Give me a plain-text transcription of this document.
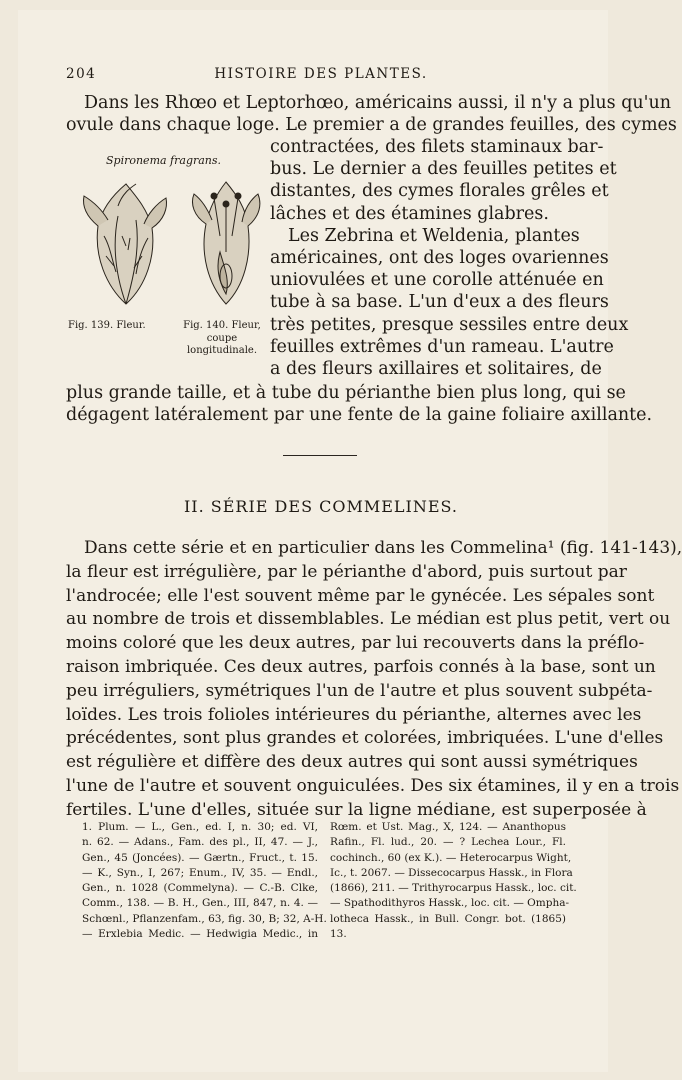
204	HISTOIRE DES PLANTES.
Dans les Rhœo et Leptorhœo, américains aussi, il n'y a plus qu'un
ovule dans chaque loge. Le premier a de grandes feuilles, des cymes
Spironema fragrans.
Fig. 139. Fleur.	Fig. 140. Fleur,
coupe
longitudinale.
contractées, des filets staminaux bar-
bus. Le dernier a des feuilles petites et
distantes, des cymes florales grêles et
lâches et des étamines glabres.
Les Zebrina et Weldenia, plantes
américaines, ont des loges ovariennes
uniovulées et une corolle atténuée en
tube à sa base. L'un d'eux a des fleurs
très petites, presque sessiles entre deux
feuilles extrêmes d'un rameau. L'autre
a des fleurs axillaires et solitaires, de
plus grande taille, et à tube du périanthe bien plus long, qui se
dégagent latéralement par une fente de la gaine foliaire axillante.
II. SÉRIE DES COMMELINES.
Dans cette série et en particulier dans les Commelina¹ (fig. 141-143),
la fleur est irrégulière, par le périanthe d'abord, puis surtout par
l'androcée; elle l'est souvent même par le gynécée. Les sépales sont
au nombre de trois et dissemblables. Le médian est plus petit, vert ou
moins coloré que les deux autres, par lui recouverts dans la préflo-
raison imbriquée. Ces deux autres, parfois connés à la base, sont un
peu irréguliers, symétriques l'un de l'autre et plus souvent subpéta-
loïdes. Les trois folioles intérieures du périanthe, alternes avec les
précédentes, sont plus grandes et colorées, imbriquées. L'une d'elles
est régulière et diffère des deux autres qui sont aussi symétriques
l'une de l'autre et souvent onguiculées. Des six étamines, il y en a trois
fertiles. L'une d'elles, située sur la ligne médiane, est superposée à
1. Plum. — L., Gen., ed. I, n. 30; ed. VI,
n. 62. — Adans., Fam. des pl., II, 47. — J.,
Gen., 45 (Joncées). — Gærtn., Fruct., t. 15.
— K., Syn., I, 267; Enum., IV, 35. — Endl.,
Gen., n. 1028 (Commelyna). — C.-B. Clke,
Comm., 138. — B. H., Gen., III, 847, n. 4. —
Schœnl., Pflanzenfam., 63, fig. 30, B; 32, A-H.
— Erxlebia Medic. — Hedwigia Medic., in
Rœm. et Ust. Mag., X, 124. — Ananthopus
Rafin., Fl. lud., 20. — ? Lechea Lour., Fl.
cochinch., 60 (ex K.). — Heterocarpus Wight,
Ic., t. 2067. — Dissecocarpus Hassk., in Flora
(1866), 211. — Trithyrocarpus Hassk., loc. cit.
— Spathodithyros Hassk., loc. cit. — Ompha-
lotheca Hassk., in Bull. Congr. bot. (1865)
13.
